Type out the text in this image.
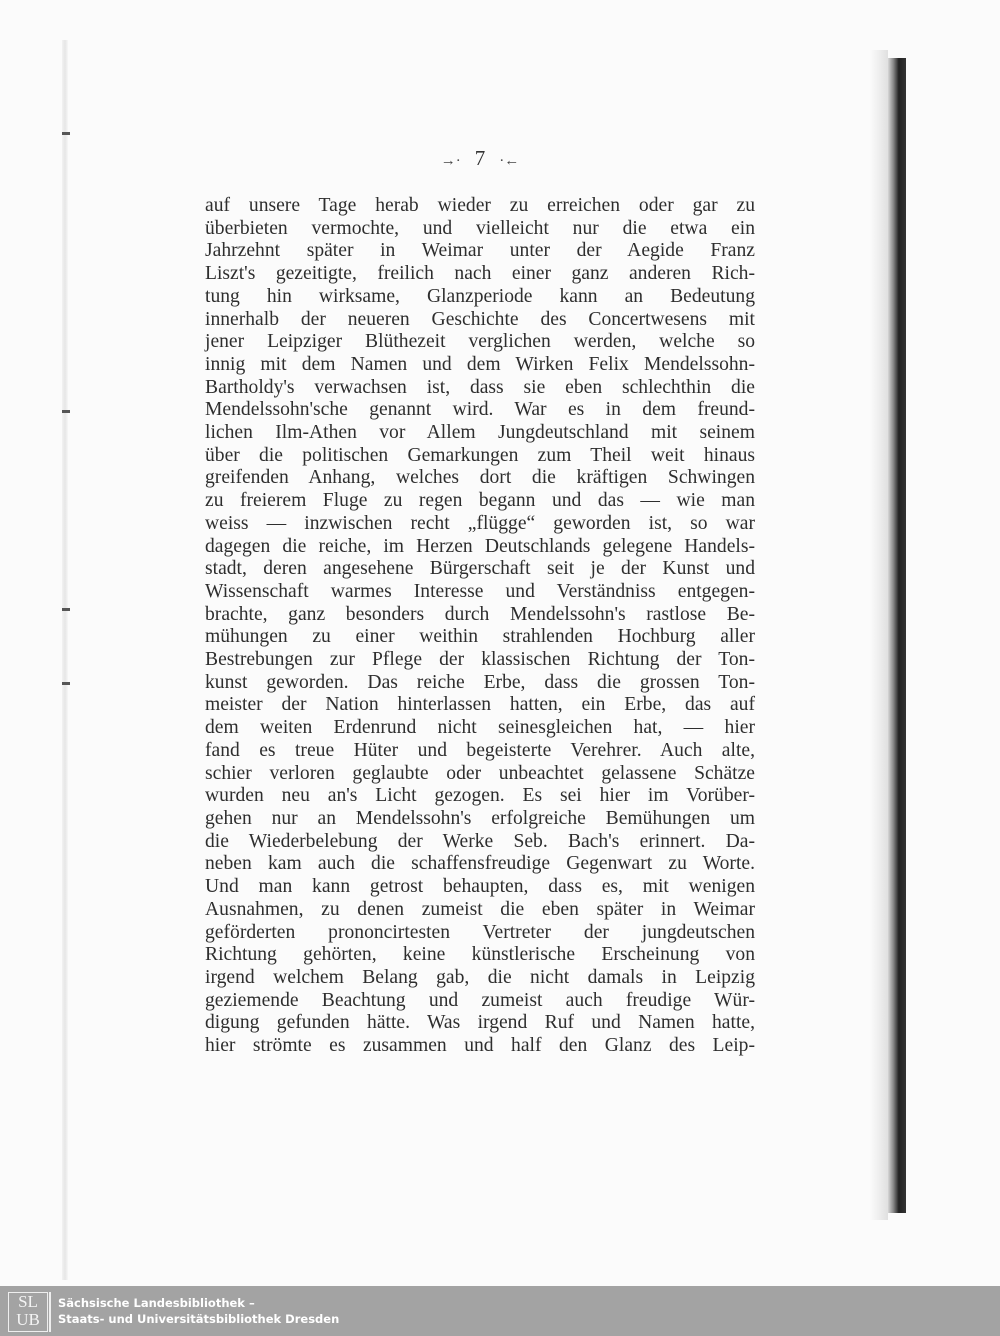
→· 7 ·←
auf unsere Tage herab wieder zu erreichen oder gar zu
überbieten vermochte, und vielleicht nur die etwa ein
Jahrzehnt später in Weimar unter der Aegide Franz
Liszt's gezeitigte, freilich nach einer ganz anderen Rich-
tung hin wirksame, Glanzperiode kann an Bedeutung
innerhalb der neueren Geschichte des Concertwesens mit
jener Leipziger Blüthezeit verglichen werden, welche so
innig mit dem Namen und dem Wirken Felix Mendelssohn-
Bartholdy's verwachsen ist, dass sie eben schlechthin die
Mendelssohn'sche genannt wird. War es in dem freund-
lichen Ilm-Athen vor Allem Jungdeutschland mit seinem
über die politischen Gemarkungen zum Theil weit hinaus
greifenden Anhang, welches dort die kräftigen Schwingen
zu freierem Fluge zu regen begann und das — wie man
weiss — inzwischen recht „flügge“ geworden ist, so war
dagegen die reiche, im Herzen Deutschlands gelegene Handels-
stadt, deren angesehene Bürgerschaft seit je der Kunst und
Wissenschaft warmes Interesse und Verständniss entgegen-
brachte, ganz besonders durch Mendelssohn's rastlose Be-
mühungen zu einer weithin strahlenden Hochburg aller
Bestrebungen zur Pflege der klassischen Richtung der Ton-
kunst geworden. Das reiche Erbe, dass die grossen Ton-
meister der Nation hinterlassen hatten, ein Erbe, das auf
dem weiten Erdenrund nicht seinesgleichen hat, — hier
fand es treue Hüter und begeisterte Verehrer. Auch alte,
schier verloren geglaubte oder unbeachtet gelassene Schätze
wurden neu an's Licht gezogen. Es sei hier im Vorüber-
gehen nur an Mendelssohn's erfolgreiche Bemühungen um
die Wiederbelebung der Werke Seb. Bach's erinnert. Da-
neben kam auch die schaffensfreudige Gegenwart zu Worte.
Und man kann getrost behaupten, dass es, mit wenigen
Ausnahmen, zu denen zumeist die eben später in Weimar
geförderten prononcirtesten Vertreter der jungdeutschen
Richtung gehörten, keine künstlerische Erscheinung von
irgend welchem Belang gab, die nicht damals in Leipzig
geziemende Beachtung und zumeist auch freudige Wür-
digung gefunden hätte. Was irgend Ruf und Namen hatte,
hier strömte es zusammen und half den Glanz des Leip-
SL
UB
Sächsische Landesbibliothek –
Staats- und Universitätsbibliothek Dresden
